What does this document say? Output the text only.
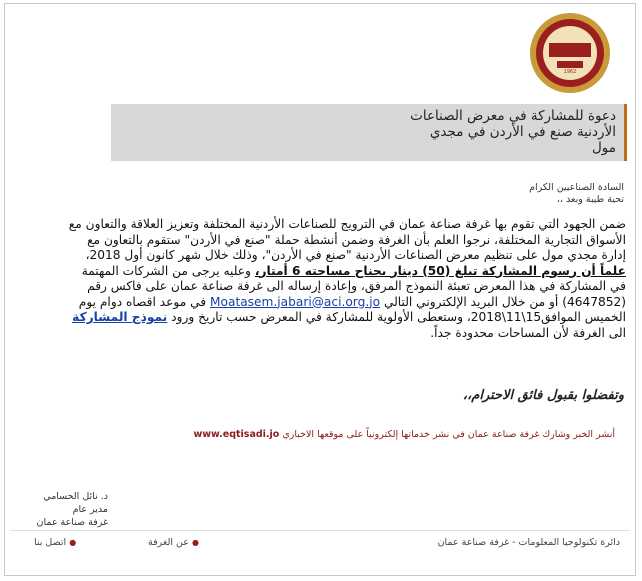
1962
دعوة للمشاركة في معرض الصناعات
الأردنية صنع في الأردن في مجدي
مول
السادة الصناعيين الكرام
تحية طيبة وبعد ،،
ضمن الجهود التي تقوم بها غرفة صناعة عمان في الترويج للصناعات الأردنية المختلفة وتعزيز العلاقة والتعاون مع الأسواق التجارية المختلفة، نرجوا العلم بأن الغرفة وضمن أنشطة حملة "صنع في الأردن" ستقوم بالتعاون مع إدارة مجدي مول على تنظيم معرض الصناعات الأردنية "صنع في الأردن"، وذلك خلال شهر كانون أول 2018، علماً أن رسوم المشاركة تبلغ (50) دينار بجناح مساحته 6 أمتار، وعليه يرجى من الشركات المهتمة في المشاركة في هذا المعرض تعبئة النموذج المرفق، وإعادة إرساله الى غرفة صناعة عمان على فاكس رقم (4647852) أو من خلال البريد الإلكتروني التالي Moatasem.jabari@aci.org.jo في موعد اقصاه دوام يوم الخميس الموافق15\11\2018، وستعطى الأولوية للمشاركة في المعرض حسب تاريخ ورود نموذج المشاركة الى الغرفة لأن المساحات محدودة جداً.
وتفضلوا بقبول فائق الاحترام،،
أنشر الخبر وشارك غرفة صناعة عمان في نشر خدماتها إلكترونياً على موقعها الاخباري www.eqtisadi.jo
د. نائل الحسامي
مدير عام
غرفة صناعة عمان
دائرة تكنولوجيا المعلومات - غرفة صناعة عمان
● عن الغرفة
● اتصل بنا
